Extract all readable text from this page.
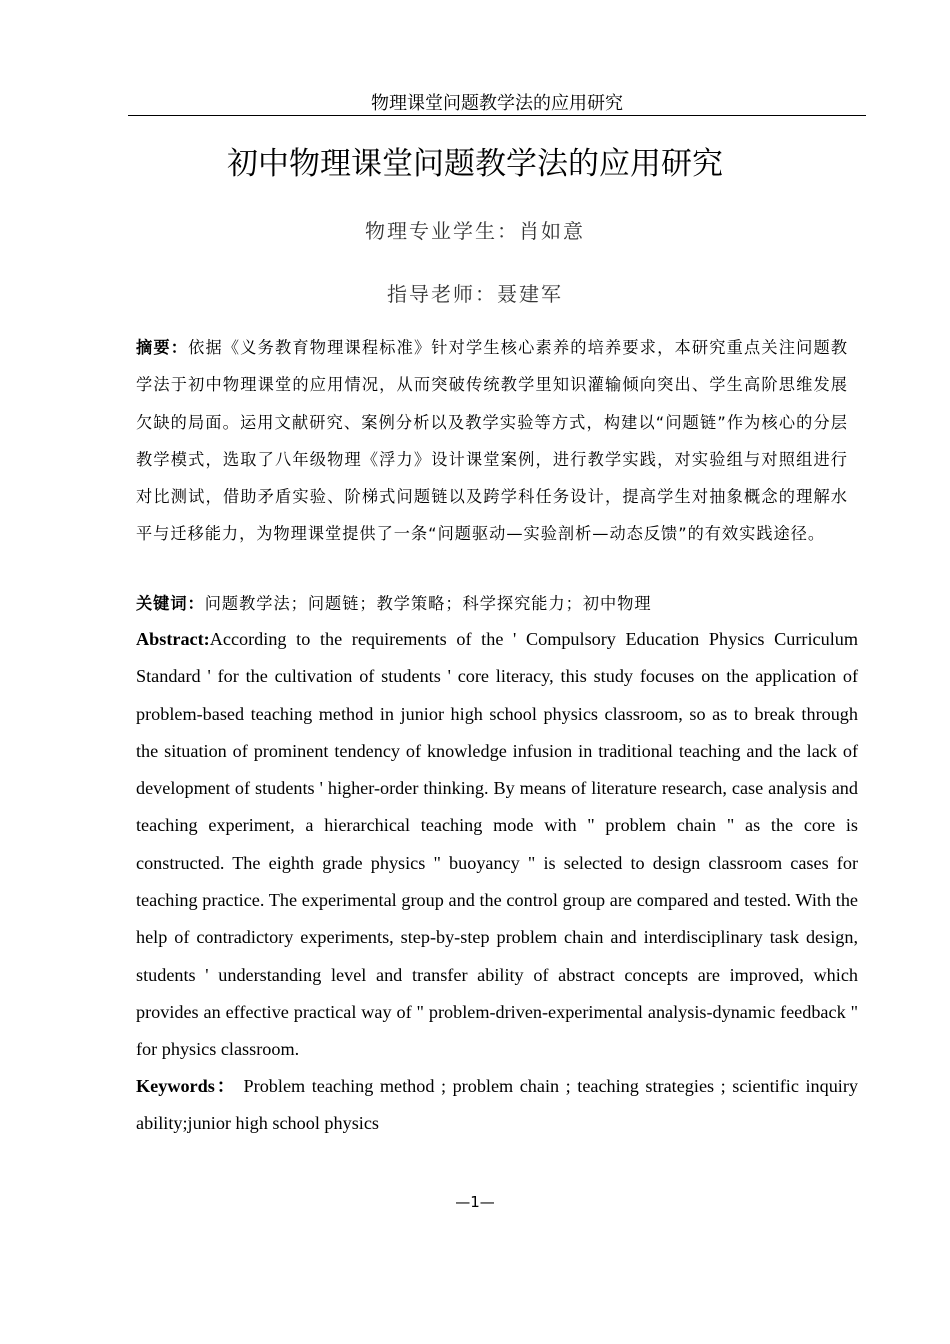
物理课堂问题教学法的应用研究
初中物理课堂问题教学法的应用研究
物理专业学生：肖如意
指导老师：聂建军
摘要：依据《义务教育物理课程标准》针对学生核心素养的培养要求，本研究重点关注问题教学法于初中物理课堂的应用情况，从而突破传统教学里知识灌输倾向突出、学生高阶思维发展欠缺的局面。运用文献研究、案例分析以及教学实验等方式，构建以“问题链”作为核心的分层教学模式，选取了八年级物理《浮力》设计课堂案例，进行教学实践，对实验组与对照组进行对比测试，借助矛盾实验、阶梯式问题链以及跨学科任务设计，提高学生对抽象概念的理解水平与迁移能力，为物理课堂提供了一条“问题驱动—实验剖析—动态反馈”的有效实践途径。
关键词：问题教学法；问题链；教学策略；科学探究能力；初中物理
Abstract:According to the requirements of the ' Compulsory Education Physics Curriculum Standard ' for the cultivation of students ' core literacy, this study focuses on the application of problem-based teaching method in junior high school physics classroom, so as to break through the situation of prominent tendency of knowledge infusion in traditional teaching and the lack of development of students ' higher-order thinking. By means of literature research, case analysis and teaching experiment, a hierarchical teaching mode with " problem chain " as the core is constructed. The eighth grade physics " buoyancy " is selected to design classroom cases for teaching practice. The experimental group and the control group are compared and tested. With the help of contradictory experiments, step-by-step problem chain and interdisciplinary task design, students ' understanding level and transfer ability of abstract concepts are improved, which provides an effective practical way of " problem-driven-experimental analysis-dynamic feedback " for physics classroom.
Keywords： Problem teaching method ; problem chain ; teaching strategies ; scientific inquiry ability;junior high school physics
—1—
